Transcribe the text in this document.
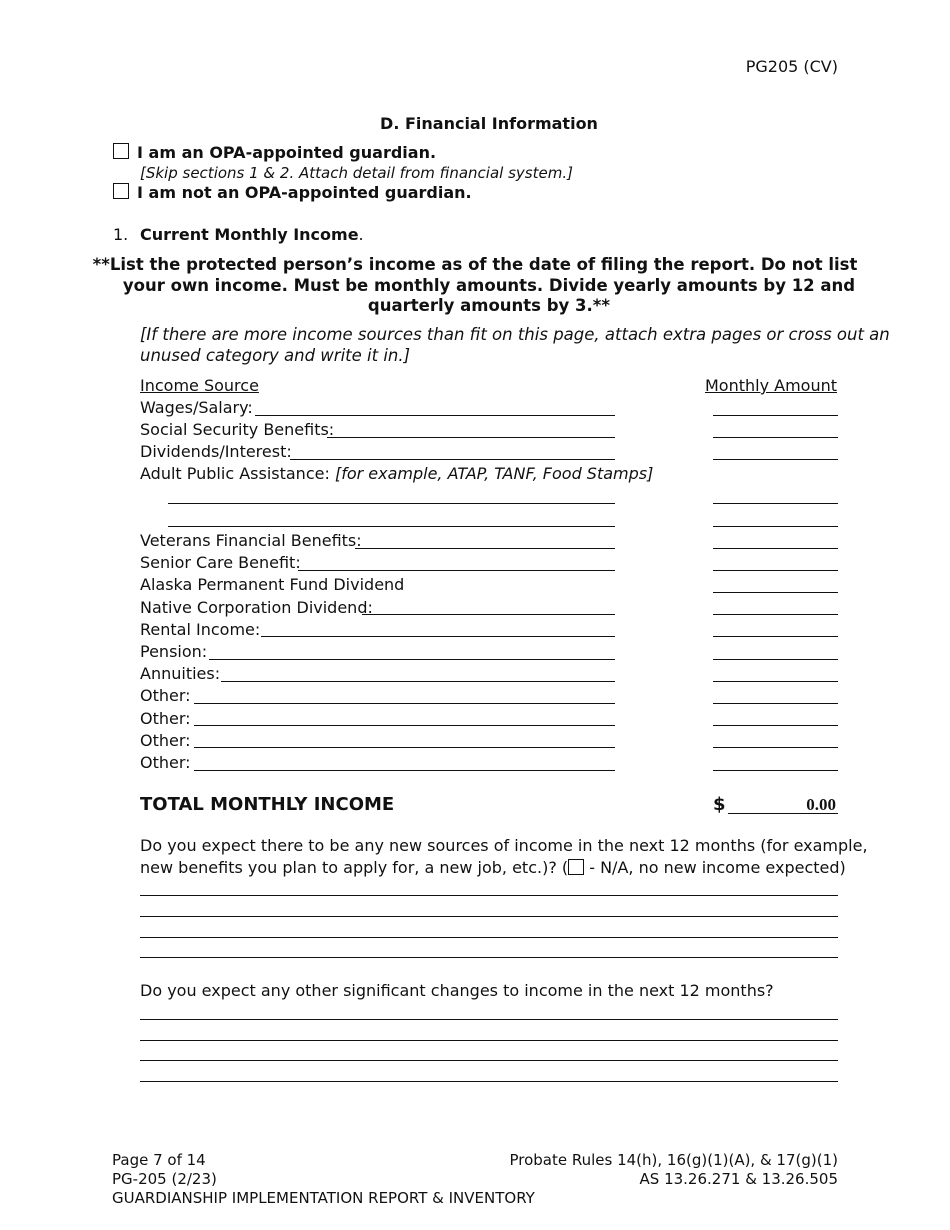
PG205 (CV)
D. Financial Information
I am an OPA-appointed guardian.
[Skip sections 1 & 2. Attach detail from financial system.]
I am not an OPA-appointed guardian.
1. Current Monthly Income.
**List the protected person’s income as of the date of filing the report. Do not list
your own income. Must be monthly amounts. Divide yearly amounts by 12 and
quarterly amounts by 3.**
[If there are more income sources than fit on this page, attach extra pages or cross out an
unused category and write it in.]
Income Source	Monthly Amount
Wages/Salary:
Social Security Benefits:
Dividends/Interest:
Adult Public Assistance: [for example, ATAP, TANF, Food Stamps]
Veterans Financial Benefits:
Senior Care Benefit:
Alaska Permanent Fund Dividend
Native Corporation Dividend:
Rental Income:
Pension:
Annuities:
Other:
Other:
Other:
Other:
TOTAL MONTHLY INCOME	$	0.00
Do you expect there to be any new sources of income in the next 12 months (for example,
new benefits you plan to apply for, a new job, etc.)? ( - N/A, no new income expected)
Do you expect any other significant changes to income in the next 12 months?
Page 7 of 14
PG-205 (2/23)
GUARDIANSHIP IMPLEMENTATION REPORT & INVENTORY
Probate Rules 14(h), 16(g)(1)(A), & 17(g)(1)
AS 13.26.271 & 13.26.505
